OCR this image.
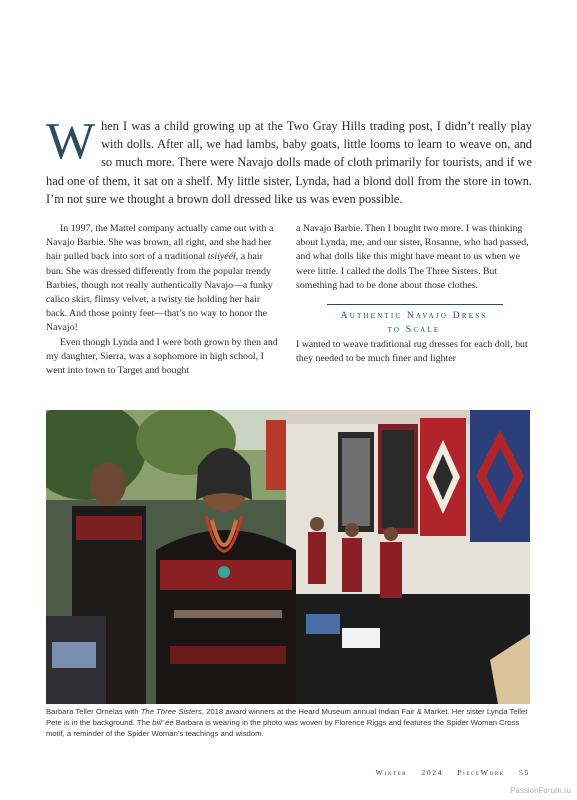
When I was a child growing up at the Two Gray Hills trading post, I didn’t really play with dolls. After all, we had lambs, baby goats, little looms to learn to weave on, and so much more. There were Navajo dolls made of cloth primarily for tourists, and if we had one of them, it sat on a shelf. My little sister, Lynda, had a blond doll from the store in town. I’m not sure we thought a brown doll dressed like us was even possible.

In 1997, the Mattel company actually came out with a Navajo Barbie. She was brown, all right, and she had her hair pulled back into sort of a traditional tsiiyééł, a hair bun. She was dressed differently from the popular trendy Barbies, though not really authentically Navajo—a funky calico skirt, flimsy velvet, a twisty tie holding her hair back. And those pointy feet—that’s no way to honor the Navajo!

Even though Lynda and I were both grown by then and my daughter, Sierra, was a sophomore in high school, I went into town to Target and bought

a Navajo Barbie. Then I bought two more. I was thinking about Lynda, me, and our sister, Rosanne, who had passed, and what dolls like this might have meant to us when we were little. I called the dolls The Three Sisters. But something had to be done about those clothes.

Authentic Navajo Dress
to Scale

I wanted to weave traditional rug dresses for each doll, but they needed to be much finer and lighter

Barbara Teller Ornelas with The Three Sisters, 2018 award winners at the Heard Museum annual Indian Fair & Market. Her sister Lynda Teller Pete is in the background. The biil’ éé Barbara is wearing in the photo was woven by Florence Riggs and features the Spider Woman Cross motif, a reminder of the Spider Woman’s teachings and wisdom.
Winter 2024 PieceWork 55
PassionForum.ru
